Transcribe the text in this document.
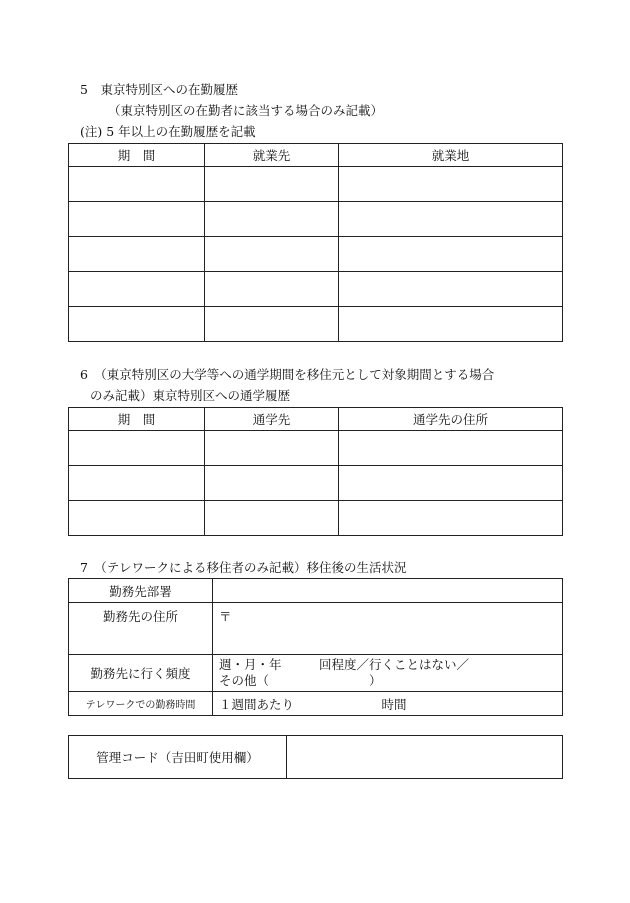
5　東京特別区への在勤履歴
（東京特別区の在勤者に該当する場合のみ記載）
(注) 5 年以上の在勤履歴を記載
期　間	就業先	就業地

6　（東京特別区の大学等への通学期間を移住元として対象期間とする場合
のみ記載）東京特別区への通学履歴
期　間	通学先	通学先の住所

7　（テレワークによる移住者のみ記載）移住後の生活状況
勤務先部署	
勤務先の住所	〒
勤務先に行く頻度	週・月・年　　　回程度／行くことはない／
その他（　　　　　　　　）

テレワークでの勤務時間	１週間あたり　　　　　　　時間
管理コード（吉田町使用欄）	
